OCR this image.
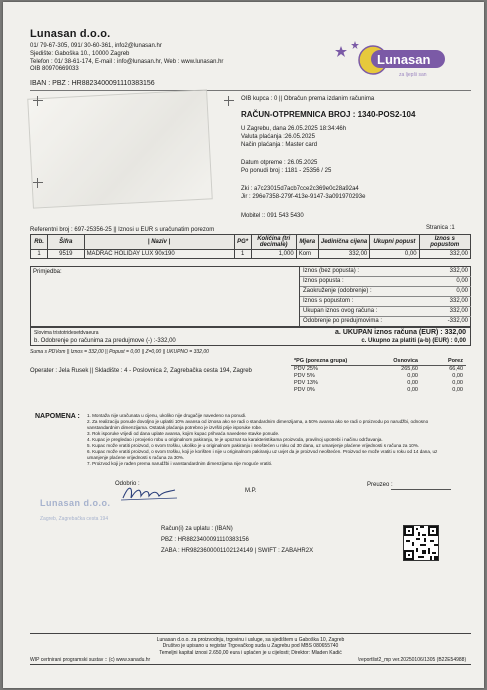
Lunasan d.o.o.
01/ 79-67-305, 091/ 30-60-361, info2@lunasan.hr
Sjedište: Gaboška 10., 10000 Zagreb
Telefon : 01/ 38-61-174, E-mail : info@lunasan.hr, Web : www.lunasan.hr
OIB 80970669033
IBAN : PBZ : HR8823400091110383156
Lunasan
za ljepši san
OIB kupca : 0 || Obračun prema izdanim računima
RAČUN-OTPREMNICA BROJ : 1340-POS2-104
U Zagrebu, dana 26.05.2025 18:34:46h
Valuta plaćanja :26.05.2025
Način plaćanja : Master card
Datum otpreme : 26.05.2025
Po ponudi broj : 1181 - 25356 / 25
Zki : a7c23015d7acb7cce2c369e0c28a92a4
Jir : 296e7358-279f-413e-9147-3a091970293e
Mobitel :: 091 543 5430
Referentni broj : 697-25356-25 || Iznosi u EUR s uračunatim porezom	Stranica :1
Rb.	Šifra	| Naziv |	PG*	Količina (tri decimale)	Mjera	Jedinična cijena	Ukupni popust	Iznos s popustom
1	9519	MADRAC HOLIDAY LUX 90x190	1	1,000	Kom	332,00	0,00	332,00
Primjedba:	Iznos (bez popusta) :	332,00
Iznos popusta :	0,00
Zaokruženje (odobrenje) :	0,00
Iznos s popustom :	332,00
Ukupan iznos ovog računa :	332,00
Odobrenje po predujmovima :	-332,00
Slovima tristotridesetdvaeura
b. Odobrenje po računima za predujmove (-) :-332,00
a. UKUPAN iznos računa (EUR) : 332,00
c. Ukupno za platiti (a-b) (EUR) : 0,00
Suma s PDVom || Iznos = 332,00 || Popust = 0,00 || Z=0,00 || UKUPNO = 332,00
Operater : Jela Rusek || Skladište : 4 - Poslovnica 2, Zagrebačka cesta 194, Zagreb
*PG (porezna grupa)	Osnovica	Porez
PDV 25%	265,60	66,40
PDV 5%	0,00	0,00
PDV 13%	0,00	0,00
PDV 0%	0,00	0,00
NAPOMENA : 1. Montaža nije uračunata u cijenu, ukoliko nije drugačije navedeno na ponudi.
2. Za realizaciju ponude dovoljno je uplatiti 10% avansa od iznosa ako se radi o standardnim dimenzijama, a 50% avansa ako se radi o proizvodu po narudžbi, odnosno vanstandardnim dimenzijama. Ostatak plaćanja potrebno je izvršiti prije isporuke robe.
3. Rok isporuke vrijedi od dana uplate avansa, kojim kupac prihvaća navedene stavke ponude.
4. Kupac je pregledao i provjerio robu u originalnom pakiranju, te je upoznat sa karakteristikama proizvoda, pravilnoj upotrebi i načinu održavanja.
5. Kupac može vratiti proizvod, o svom trošku, ukoliko je u originalnom pakiranju i neoštećen u roku od 30 dana, uz umanjenje plaćene vrijednosti s računa za 10%.
6. Kupac može vratiti proizvod, o svom trošku, koji je korišten i nije u originalnom pakiranju uz uvjet da je proizvod neoštećen. Proizvod se može vratiti u roku od 14 dana, uz umanjenje plaćene vrijednosti s računa za 30%.
7. Proizvod koji je rađen prema narudžbi i vanstandardnim dimenzijama nije moguće vratiti.
Odobrio :
M.P.
Preuzeo :
Lunasan d.o.o.
Zagreb, Zagrebačka cesta 194
Račun(i) za uplatu : (IBAN)
PBZ : HR8823400091110383156
ZABA : HR9823600001102124149 | SWIFT : ZABAHR2X
Lunasan d.o.o. za proizvodnju, trgovinu i usluge, sa sjedištem u Gaboška 10, Zagreb
Društvo je upisano u registar Trgovačkog suda u Zagrebu pod MBS 080655740
Temeljni kapital iznosi 2.650,00 eura i uplaćen je u cijelosti; Direktor: Mladen Kadić
WIP certnirani programski sustav :: (c) www.xanadu.hr	\reportlist2_mp ver.20250106/1305 (B22E54988)
